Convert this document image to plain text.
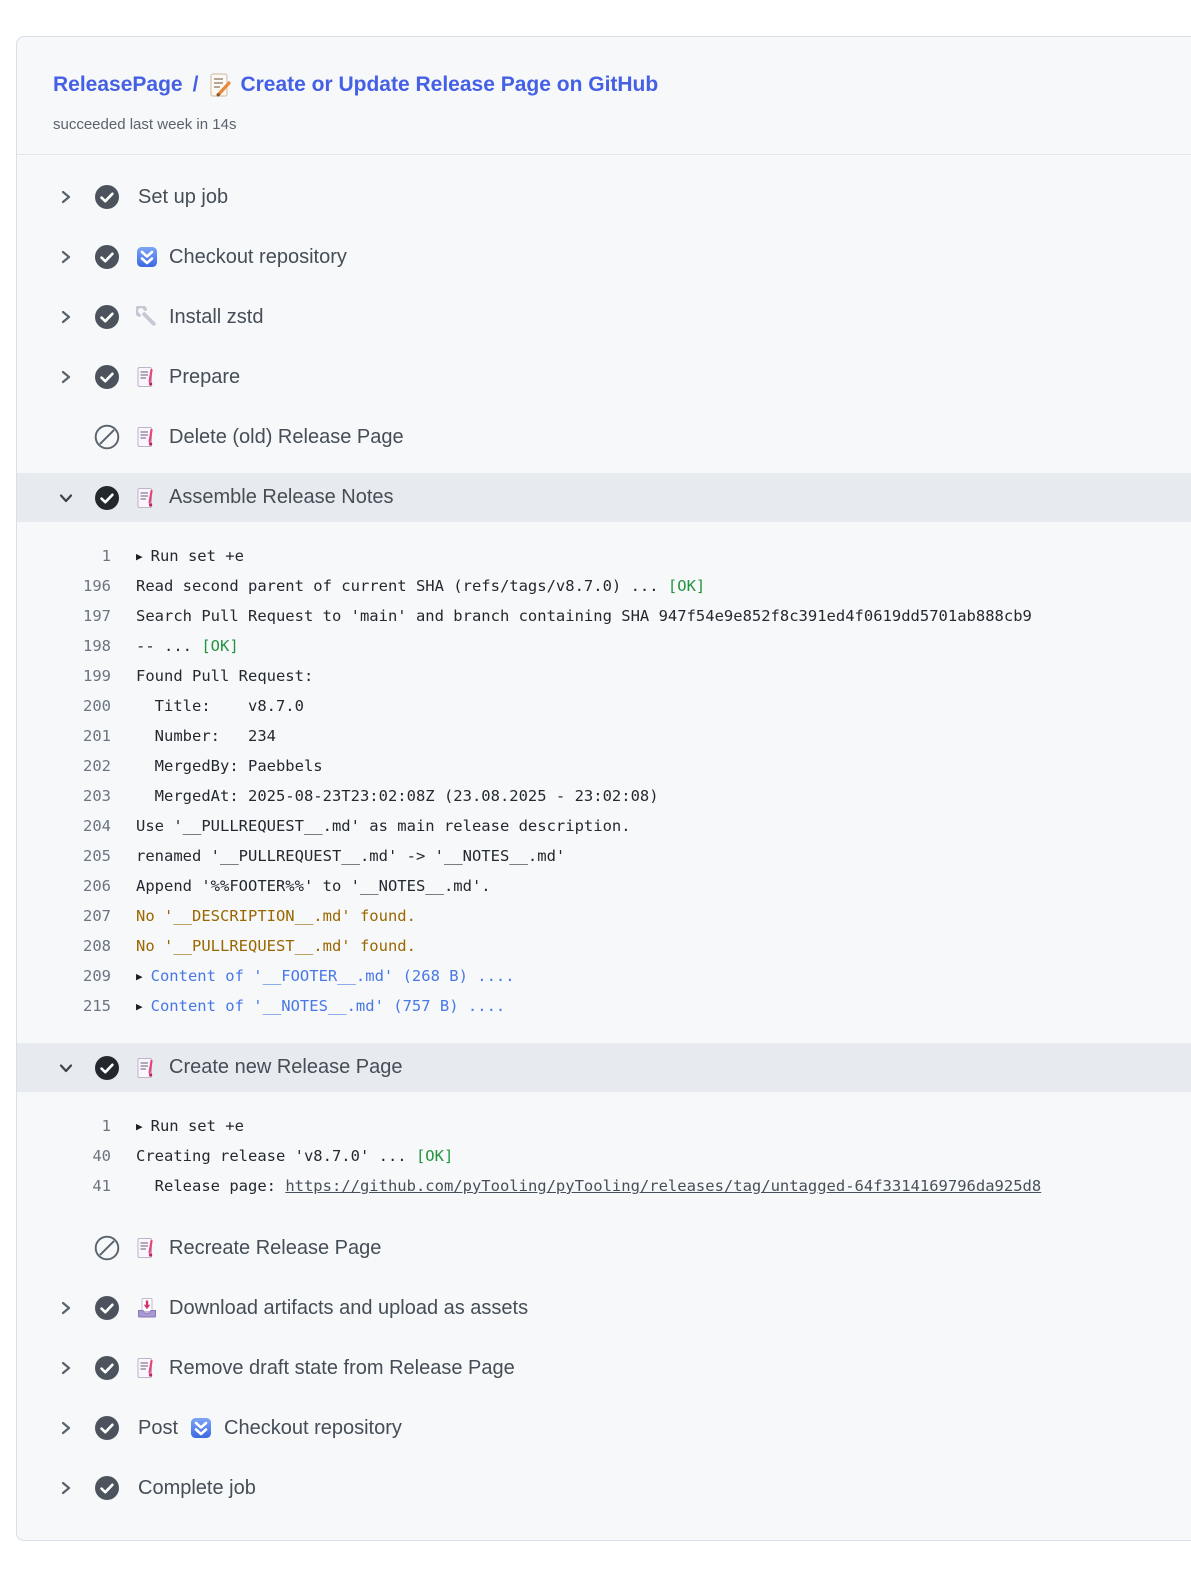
ReleasePage / Create or Update Release Page on GitHub
succeeded last week in 14s
Set up job
Checkout repository
Install zstd
Prepare
Delete (old) Release Page
Assemble Release Notes
1 ▶ Run set +e
196 Read second parent of current SHA (refs/tags/v8.7.0) ... [OK]
197 Search Pull Request to 'main' and branch containing SHA 947f54e9e852f8c391ed4f0619dd5701ab888cb9
198 -- ... [OK]
199 Found Pull Request:
200 Title:    v8.7.0
201 Number:   234
202 MergedBy: Paebbels
203 MergedAt: 2025-08-23T23:02:08Z (23.08.2025 - 23:02:08)
204 Use '__PULLREQUEST__.md' as main release description.
205 renamed '__PULLREQUEST__.md' -> '__NOTES__.md'
206 Append '%%FOOTER%%' to '__NOTES__.md'.
207 No '__DESCRIPTION__.md' found.
208 No '__PULLREQUEST__.md' found.
209 ▶ Content of '__FOOTER__.md' (268 B) ....
215 ▶ Content of '__NOTES__.md' (757 B) ....
Create new Release Page
1 ▶ Run set +e
40 Creating release 'v8.7.0' ... [OK]
41 Release page: https://github.com/pyTooling/pyTooling/releases/tag/untagged-64f3314169796da925d8
Recreate Release Page
Download artifacts and upload as assets
Remove draft state from Release Page
Post Checkout repository
Complete job
